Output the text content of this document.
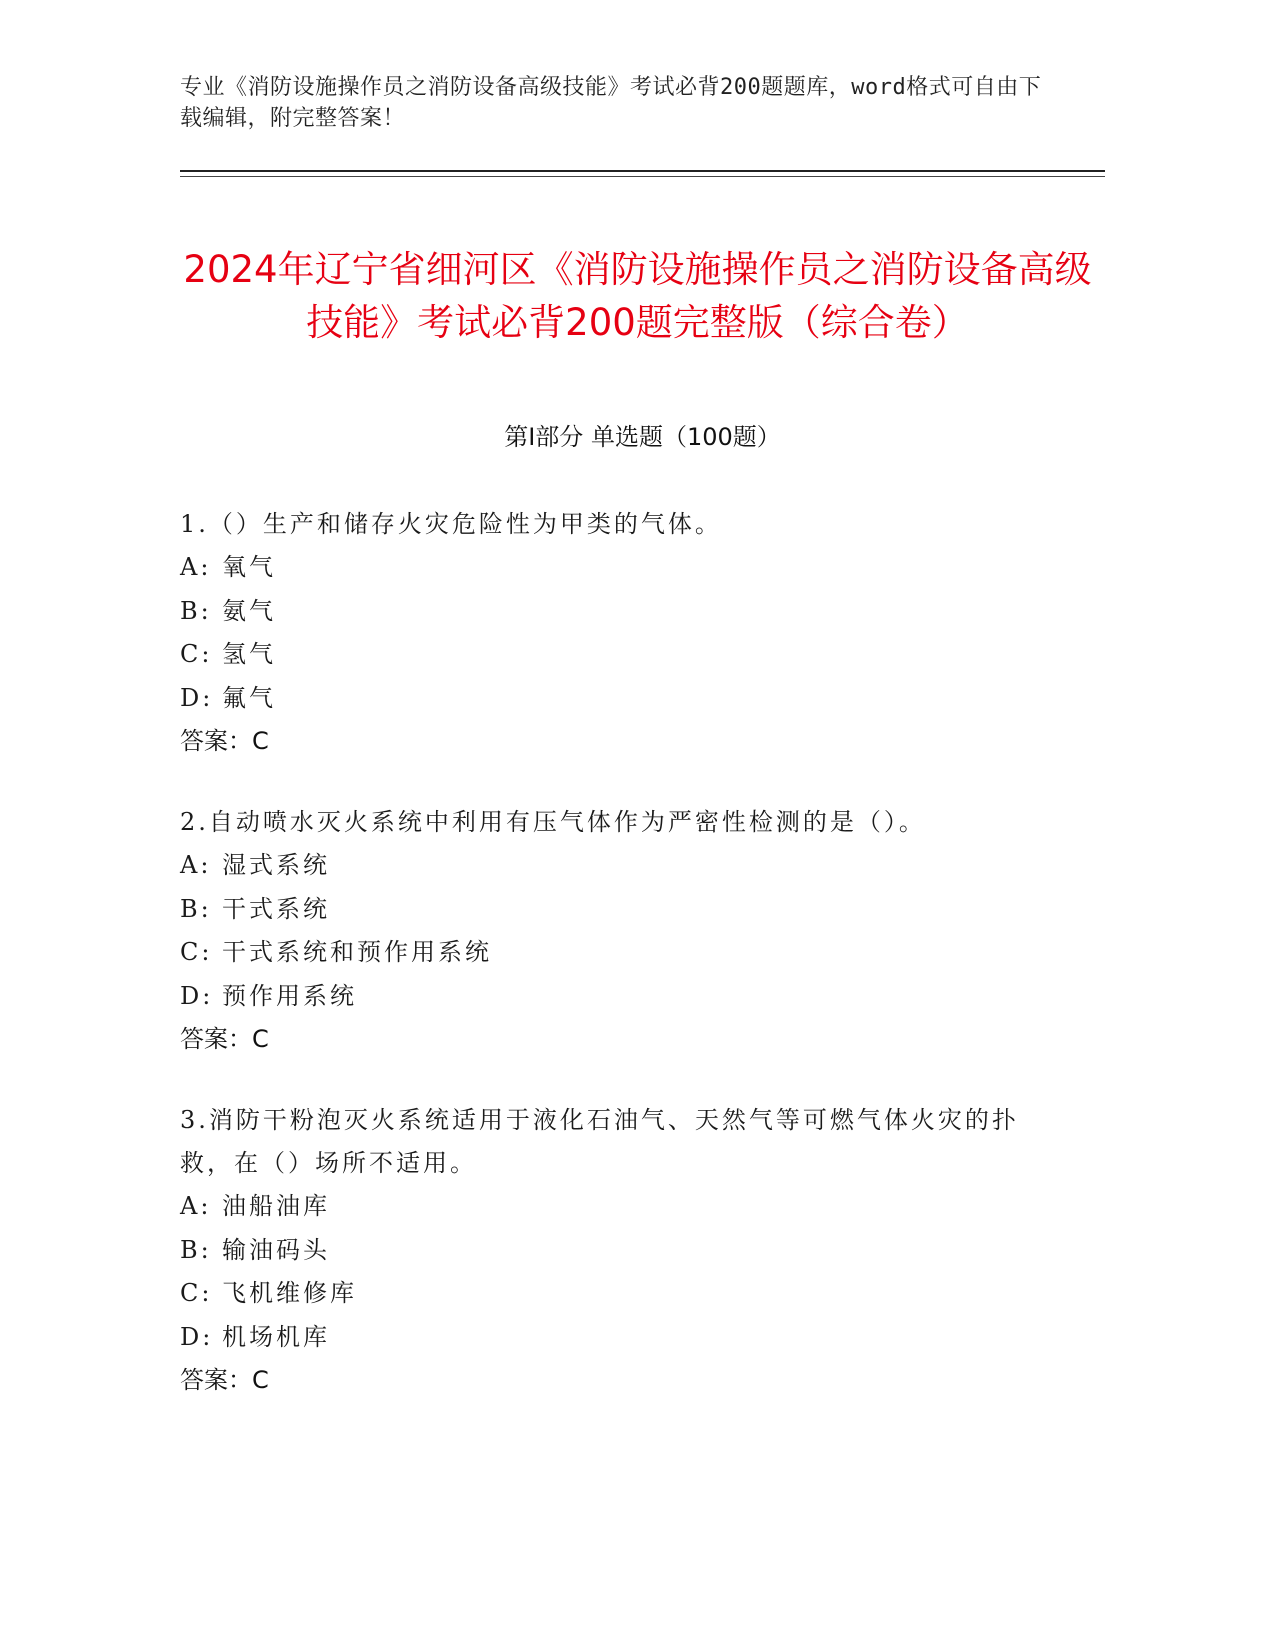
专业《消防设施操作员之消防设备高级技能》考试必背200题题库，word格式可自由下载编辑，附完整答案！
2024年辽宁省细河区《消防设施操作员之消防设备高级技能》考试必背200题完整版（综合卷）
第Ⅰ部分 单选题（100题）
1.（）生产和储存火灾危险性为甲类的气体。
A: 氧气
B: 氨气
C: 氢气
D: 氟气
答案：C
2.自动喷水灭火系统中利用有压气体作为严密性检测的是（）。
A: 湿式系统
B: 干式系统
C: 干式系统和预作用系统
D: 预作用系统
答案：C
3.消防干粉泡灭火系统适用于液化石油气、天然气等可燃气体火灾的扑救，在（）场所不适用。
A: 油船油库
B: 输油码头
C: 飞机维修库
D: 机场机库
答案：C
